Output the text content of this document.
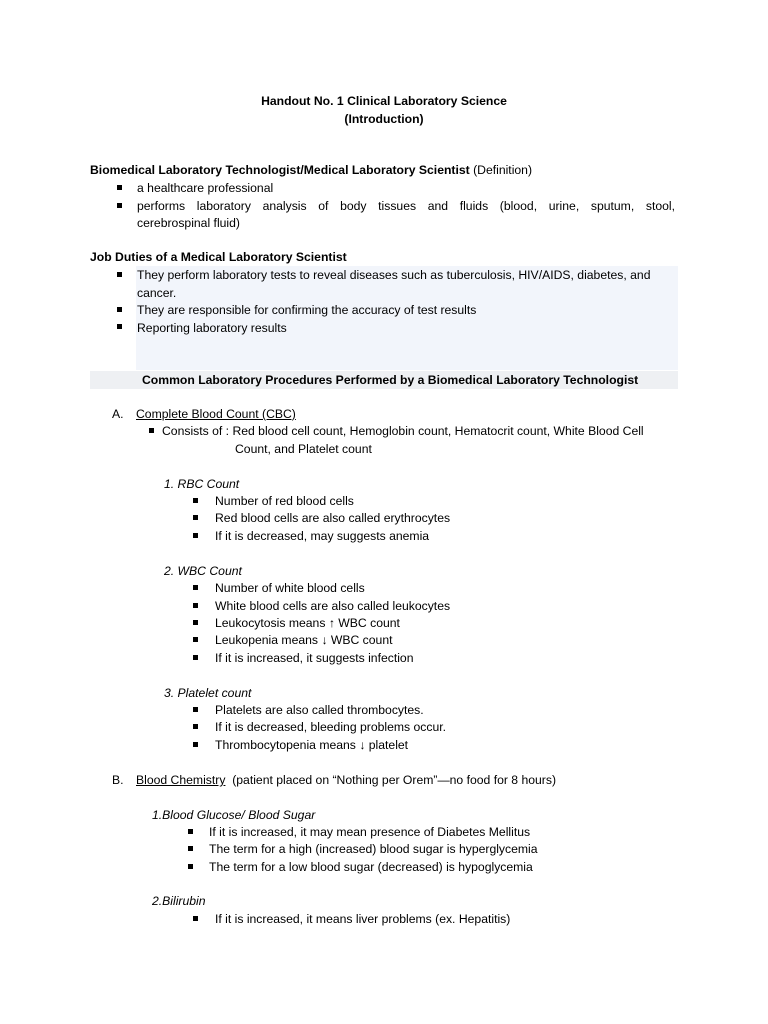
Handout No. 1 Clinical Laboratory Science
(Introduction)
Biomedical Laboratory Technologist/Medical Laboratory Scientist (Definition)
a healthcare professional
performs laboratory analysis of body tissues and fluids (blood, urine, sputum, stool,
cerebrospinal fluid)
Job Duties of a Medical Laboratory Scientist
They perform laboratory tests to reveal diseases such as tuberculosis, HIV/AIDS, diabetes, and
cancer.
They are responsible for confirming the accuracy of test results
Reporting laboratory results
Common Laboratory Procedures Performed by a Biomedical Laboratory Technologist
A. Complete Blood Count (CBC)
Consists of : Red blood cell count, Hemoglobin count, Hematocrit count, White Blood Cell
Count, and Platelet count
1. RBC Count
Number of red blood cells
Red blood cells are also called erythrocytes
If it is decreased, may suggests anemia
2. WBC Count
Number of white blood cells
White blood cells are also called leukocytes
Leukocytosis means ↑ WBC count
Leukopenia means ↓ WBC count
If it is increased, it suggests infection
3. Platelet count
Platelets are also called thrombocytes.
If it is decreased, bleeding problems occur.
Thrombocytopenia means ↓ platelet
B. Blood Chemistry (patient placed on “Nothing per Orem”—no food for 8 hours)
1.Blood Glucose/ Blood Sugar
If it is increased, it may mean presence of Diabetes Mellitus
The term for a high (increased) blood sugar is hyperglycemia
The term for a low blood sugar (decreased) is hypoglycemia
2.Bilirubin
If it is increased, it means liver problems (ex. Hepatitis)
